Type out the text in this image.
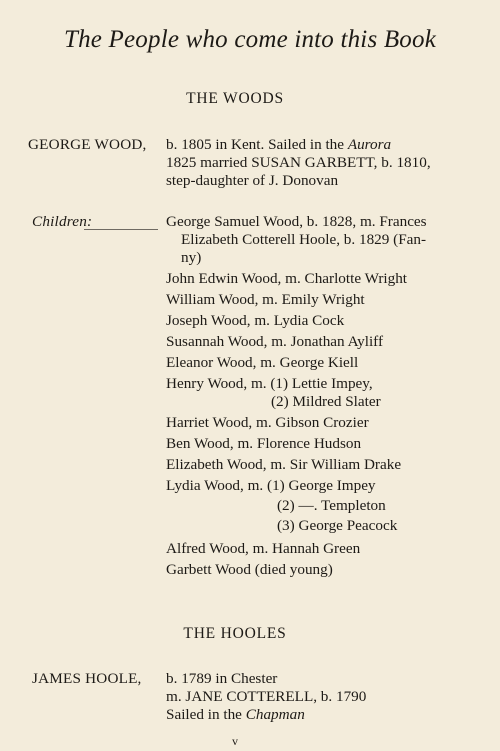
The People who come into this Book
THE WOODS
GEORGE WOOD, b. 1805 in Kent. Sailed in the Aurora
1825 married SUSAN GARBETT, b. 1810,
step-daughter of J. Donovan
Children:	George Samuel Wood, b. 1828, m. Frances
Elizabeth Cotterell Hoole, b. 1829 (Fan-
ny)
John Edwin Wood, m. Charlotte Wright
William Wood, m. Emily Wright
Joseph Wood, m. Lydia Cock
Susannah Wood, m. Jonathan Ayliff
Eleanor Wood, m. George Kiell
Henry Wood, m. (1) Lettie Impey,
(2) Mildred Slater
Harriet Wood, m. Gibson Crozier
Ben Wood, m. Florence Hudson
Elizabeth Wood, m. Sir William Drake
Lydia Wood, m. (1) George Impey
(2) —. Templeton
(3) George Peacock
Alfred Wood, m. Hannah Green
Garbett Wood (died young)
THE HOOLES
JAMES HOOLE, b. 1789 in Chester
m. JANE COTTERELL, b. 1790
Sailed in the Chapman
v
